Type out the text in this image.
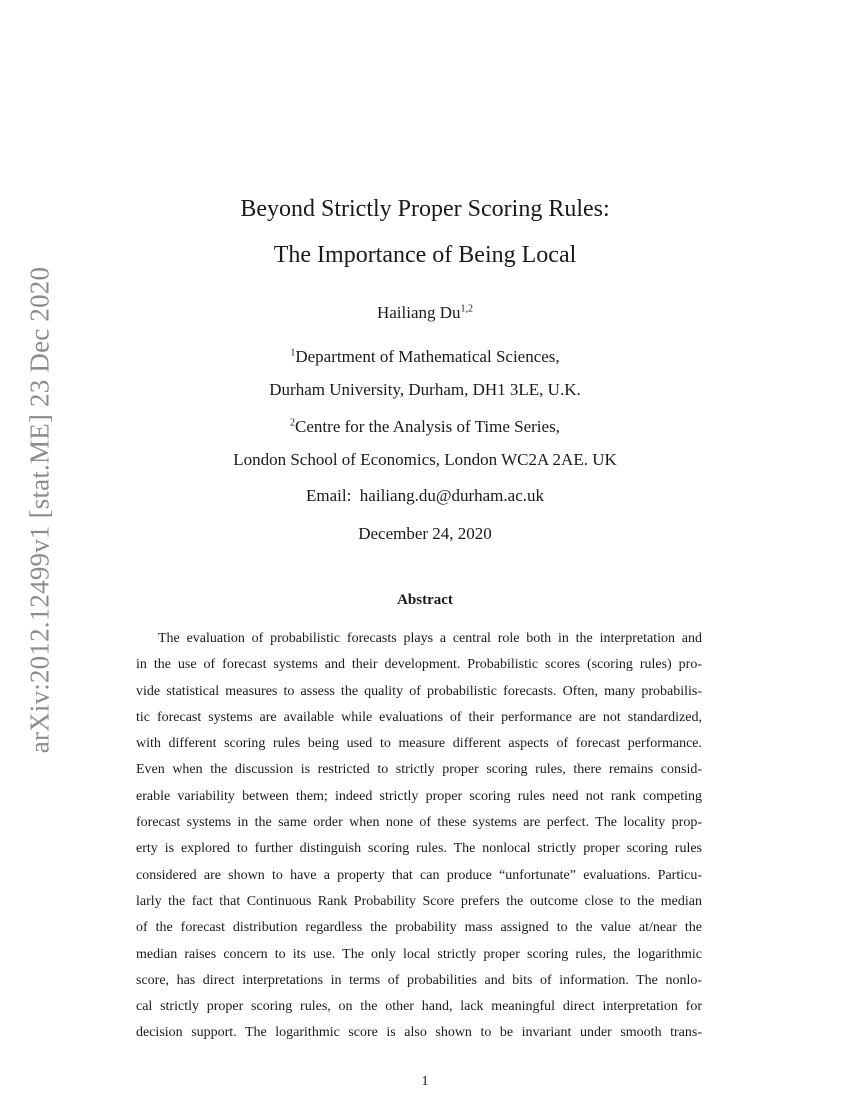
arXiv:2012.12499v1 [stat.ME] 23 Dec 2020
Beyond Strictly Proper Scoring Rules:
The Importance of Being Local
Hailiang Du$^{1,2}$
$^1$Department of Mathematical Sciences,
Durham University, Durham, DH1 3LE, U.K.
$^2$Centre for the Analysis of Time Series,
London School of Economics, London WC2A 2AE. UK
Email:  hailiang.du@durham.ac.uk
December 24, 2020
Abstract
The evaluation of probabilistic forecasts plays a central role both in the interpretation and
in the use of forecast systems and their development. Probabilistic scores (scoring rules) pro-
vide statistical measures to assess the quality of probabilistic forecasts. Often, many probabilis-
tic forecast systems are available while evaluations of their performance are not standardized,
with different scoring rules being used to measure different aspects of forecast performance.
Even when the discussion is restricted to strictly proper scoring rules, there remains consid-
erable variability between them; indeed strictly proper scoring rules need not rank competing
forecast systems in the same order when none of these systems are perfect. The locality prop-
erty is explored to further distinguish scoring rules. The nonlocal strictly proper scoring rules
considered are shown to have a property that can produce “unfortunate” evaluations. Particu-
larly the fact that Continuous Rank Probability Score prefers the outcome close to the median
of the forecast distribution regardless the probability mass assigned to the value at/near the
median raises concern to its use. The only local strictly proper scoring rules, the logarithmic
score, has direct interpretations in terms of probabilities and bits of information. The nonlo-
cal strictly proper scoring rules, on the other hand, lack meaningful direct interpretation for
decision support. The logarithmic score is also shown to be invariant under smooth trans-
1
